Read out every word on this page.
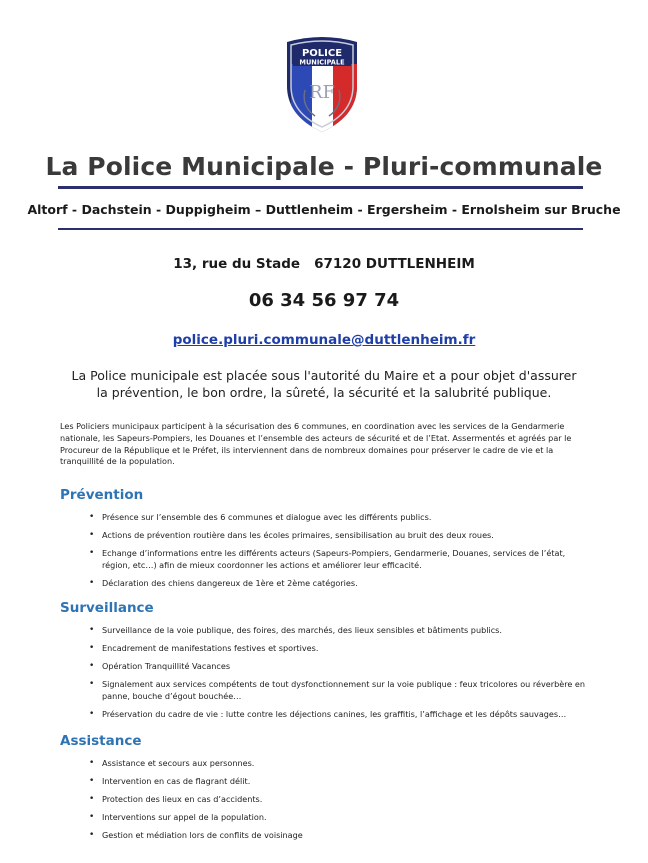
POLICE
MUNICIPALE
RF
La Police Municipale - Pluri-communale
Altorf - Dachstein - Duppigheim – Duttlenheim - Ergersheim - Ernolsheim sur Bruche
13, rue du Stade   67120 DUTTLENHEIM
06 34 56 97 74
police.pluri.communale@duttlenheim.fr
La Police municipale est placée sous l'autorité du Maire et a pour objet d'assurer la prévention, le bon ordre, la sûreté, la sécurité et la salubrité publique.
Les Policiers municipaux participent à la sécurisation des 6 communes, en coordination avec les services de la Gendarmerie nationale, les Sapeurs-Pompiers, les Douanes et l’ensemble des acteurs de sécurité et de l’Etat. Assermentés et agréés par le Procureur de la République et le Préfet, ils interviennent dans de nombreux domaines pour préserver le cadre de vie et la tranquillité de la population.
Prévention
• Présence sur l’ensemble des 6 communes et dialogue avec les différents publics.
• Actions de prévention routière dans les écoles primaires, sensibilisation au bruit des deux roues.
• Echange d’informations entre les différents acteurs (Sapeurs-Pompiers, Gendarmerie, Douanes, services de l’état, région, etc…) afin de mieux coordonner les actions et améliorer leur efficacité.
• Déclaration des chiens dangereux de 1ère et 2ème catégories.
Surveillance
• Surveillance de la voie publique, des foires, des marchés, des lieux sensibles et bâtiments publics.
• Encadrement de manifestations festives et sportives.
• Opération Tranquillité Vacances
• Signalement aux services compétents de tout dysfonctionnement sur la voie publique : feux tricolores ou réverbère en panne, bouche d’égout bouchée…
• Préservation du cadre de vie : lutte contre les déjections canines, les graffitis, l’affichage et les dépôts sauvages…
Assistance
• Assistance et secours aux personnes.
• Intervention en cas de flagrant délit.
• Protection des lieux en cas d’accidents.
• Interventions sur appel de la population.
• Gestion et médiation lors de conflits de voisinage
